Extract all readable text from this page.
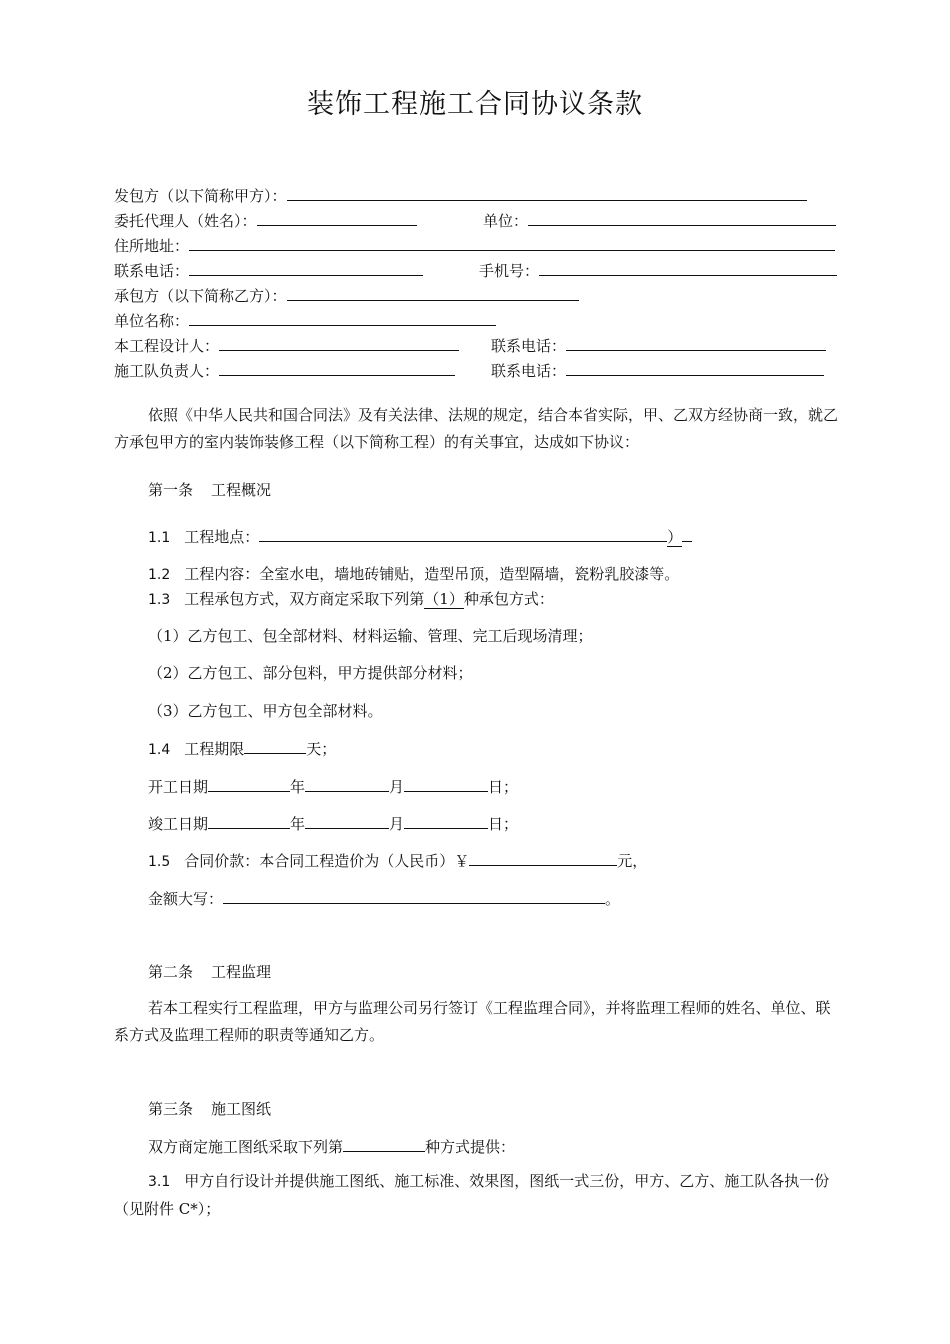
装饰工程施工合同协议条款
发包方（以下简称甲方）：
委托代理人（姓名）：	单位：
住所地址：
联系电话：	手机号：
承包方（以下简称乙方）：
单位名称：
本工程设计人：	联系电话：
施工队负责人：	联系电话：
依照《中华人民共和国合同法》及有关法律、法规的规定，结合本省实际，甲、乙双方经协商一致，就乙方承包甲方的室内装饰装修工程（以下简称工程）的有关事宜，达成如下协议：
第一条 工程概况
1.1 工程地点：	）
1.2 工程内容：全室水电，墙地砖铺贴，造型吊顶，造型隔墙，瓷粉乳胶漆等。
1.3 工程承包方式，双方商定采取下列第（1）种承包方式：
（1）乙方包工、包全部材料、材料运输、管理、完工后现场清理；
（2）乙方包工、部分包料，甲方提供部分材料；
（3）乙方包工、甲方包全部材料。
1.4 工程期限	天；
开工日期	年	月	日；
竣工日期	年	月	日；
1.5 合同价款：本合同工程造价为（人民币）￥	元，
金额大写：	。
第二条 工程监理
若本工程实行工程监理，甲方与监理公司另行签订《工程监理合同》，并将监理工程师的姓名、单位、联系方式及监理工程师的职责等通知乙方。
第三条 施工图纸
双方商定施工图纸采取下列第	种方式提供：
3.1 甲方自行设计并提供施工图纸、施工标准、效果图，图纸一式三份，甲方、乙方、施工队各执一份（见附件 C*）；
